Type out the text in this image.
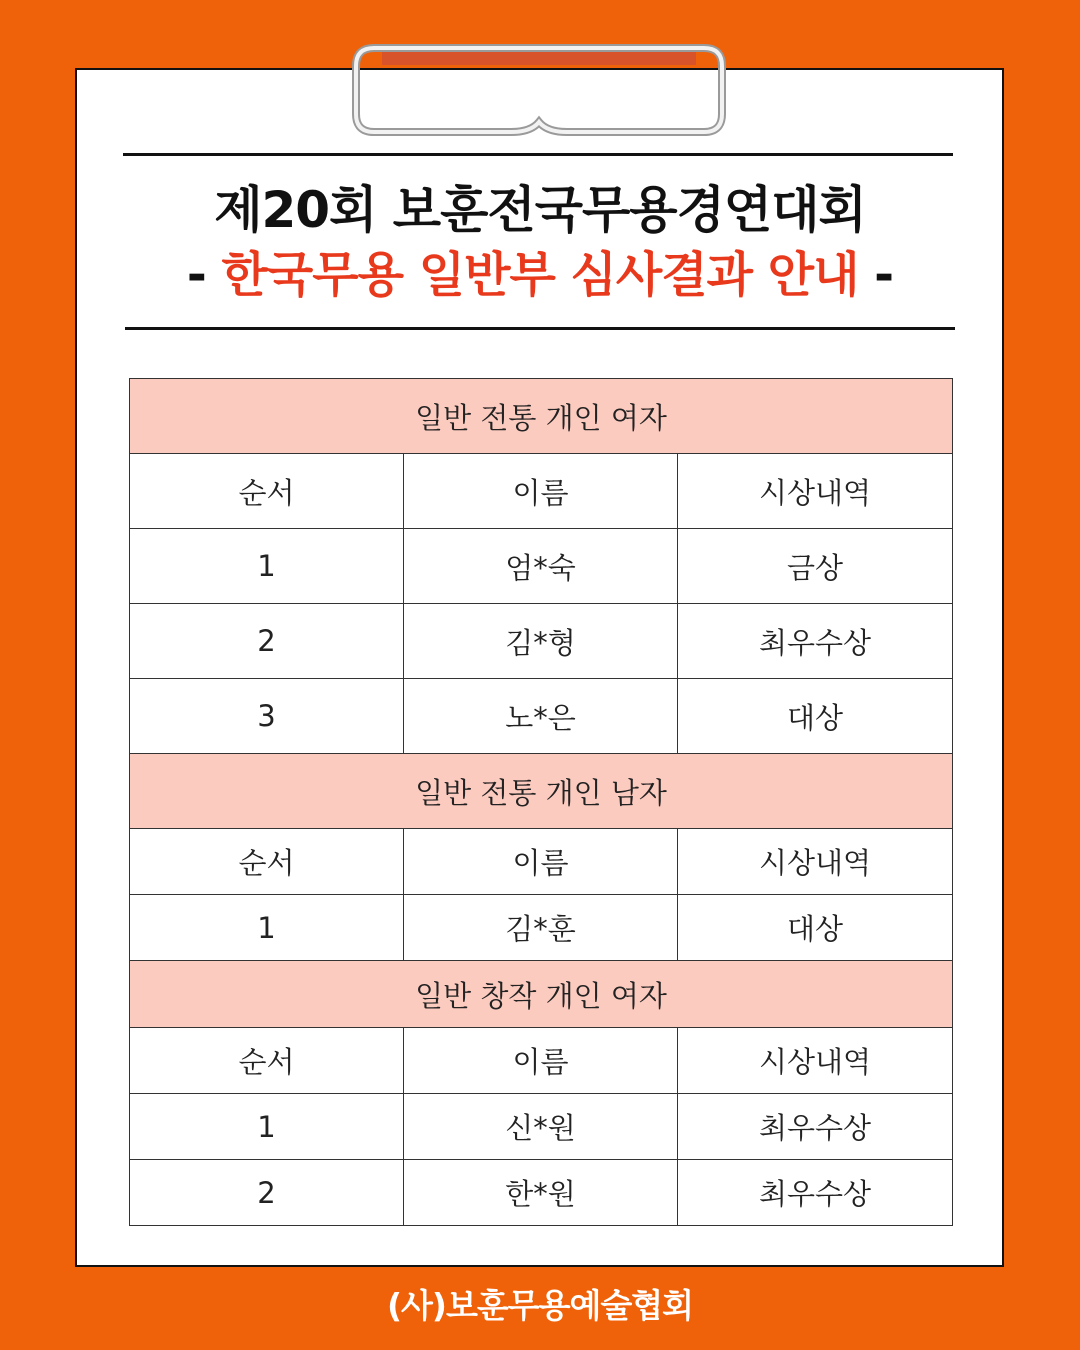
제20회 보훈전국무용경연대회
- 한국무용 일반부 심사결과 안내 -
일반 전통 개인 여자		
순서	이름	시상내역
1	엄*숙	금상
2	김*형	최우수상
3	노*은	대상
일반 전통 개인 남자		
순서	이름	시상내역
1	김*훈	대상
일반 창작 개인 여자		
순서	이름	시상내역
1	신*원	최우수상
2	한*원	최우수상
(사)보훈무용예술협회
